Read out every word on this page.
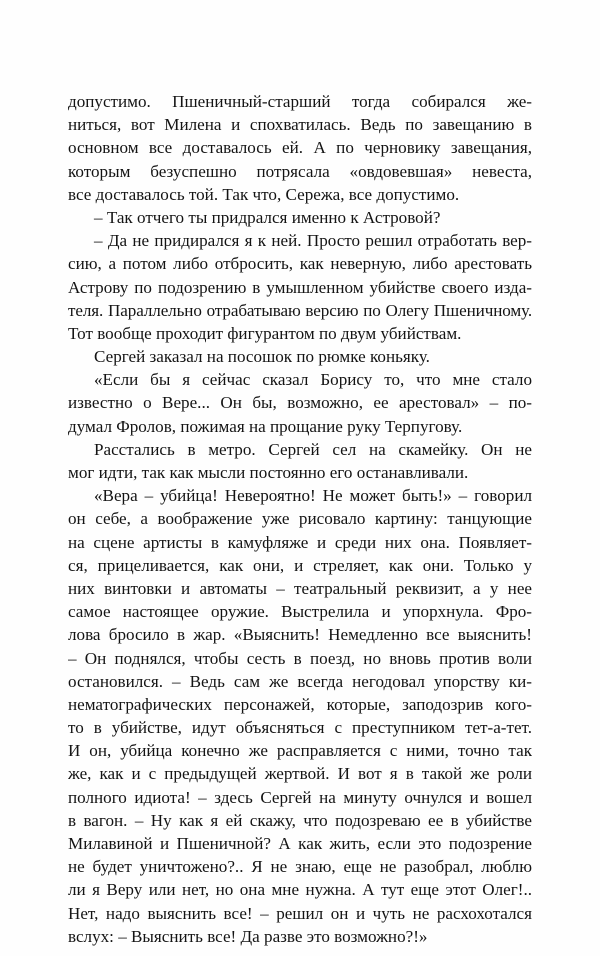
допустимо. Пшеничный-старший тогда собирался же-
ниться, вот Милена и спохватилась. Ведь по завещанию в
основном все доставалось ей. А по черновику завещания,
которым безуспешно потрясала «овдовевшая» невеста,
все доставалось той. Так что, Сережа, все допустимо.
– Так отчего ты придрался именно к Астровой?
– Да не придирался я к ней. Просто решил отработать вер-
сию, а потом либо отбросить, как неверную, либо арестовать
Астрову по подозрению в умышленном убийстве своего изда-
теля. Параллельно отрабатываю версию по Олегу Пшеничному.
Тот вообще проходит фигурантом по двум убийствам.
Сергей заказал на посошок по рюмке коньяку.
«Если бы я сейчас сказал Борису то, что мне стало
известно о Вере... Он бы, возможно, ее арестовал» – по-
думал Фролов, пожимая на прощание руку Терпугову.
Расстались в метро. Сергей сел на скамейку. Он не
мог идти, так как мысли постоянно его останавливали.
«Вера – убийца! Невероятно! Не может быть!» – говорил
он себе, а воображение уже рисовало картину: танцующие
на сцене артисты в камуфляже и среди них она. Появляет-
ся, прицеливается, как они, и стреляет, как они. Только у
них винтовки и автоматы – театральный реквизит, а у нее
самое настоящее оружие. Выстрелила и упорхнула. Фро-
лова бросило в жар. «Выяснить! Немедленно все выяснить!
– Он поднялся, чтобы сесть в поезд, но вновь против воли
остановился. – Ведь сам же всегда негодовал упорству ки-
нематографических персонажей, которые, заподозрив кого-
то в убийстве, идут объясняться с преступником тет-а-тет.
И он, убийца конечно же расправляется с ними, точно так
же, как и с предыдущей жертвой. И вот я в такой же роли
полного идиота! – здесь Сергей на минуту очнулся и вошел
в вагон. – Ну как я ей скажу, что подозреваю ее в убийстве
Милавиной и Пшеничной? А как жить, если это подозрение
не будет уничтожено?.. Я не знаю, еще не разобрал, люблю
ли я Веру или нет, но она мне нужна. А тут еще этот Олег!..
Нет, надо выяснить все! – решил он и чуть не расхохотался
вслух: – Выяснить все! Да разве это возможно?!»
